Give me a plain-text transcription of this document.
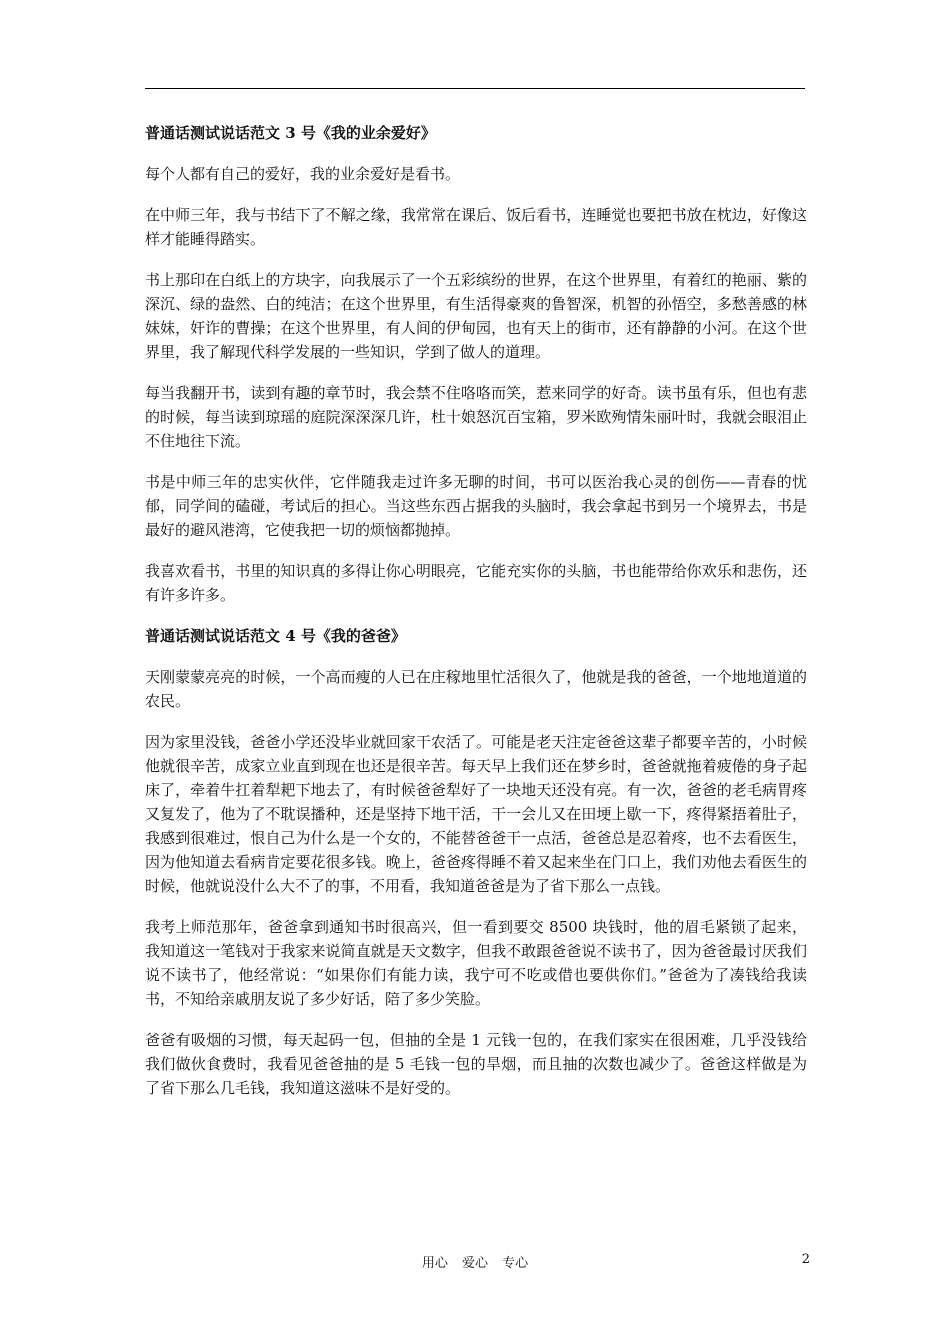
普通话测试说话范文 3 号《我的业余爱好》

每个人都有自己的爱好，我的业余爱好是看书。

在中师三年，我与书结下了不解之缘，我常常在课后、饭后看书，连睡觉也要把书放在枕边，好像这样才能睡得踏实。

书上那印在白纸上的方块字，向我展示了一个五彩缤纷的世界，在这个世界里，有着红的艳丽、紫的深沉、绿的盎然、白的纯洁；在这个世界里，有生活得豪爽的鲁智深，机智的孙悟空，多愁善感的林妹妹，奸诈的曹操；在这个世界里，有人间的伊甸园，也有天上的街市，还有静静的小河。在这个世界里，我了解现代科学发展的一些知识，学到了做人的道理。

每当我翻开书，读到有趣的章节时，我会禁不住咯咯而笑，惹来同学的好奇。读书虽有乐，但也有悲的时候，每当读到琼瑶的庭院深深深几许，杜十娘怒沉百宝箱，罗米欧殉情朱丽叶时，我就会眼泪止不住地往下流。

书是中师三年的忠实伙伴，它伴随我走过许多无聊的时间，书可以医治我心灵的创伤——青春的忧郁，同学间的磕碰，考试后的担心。当这些东西占据我的头脑时，我会拿起书到另一个境界去，书是最好的避风港湾，它使我把一切的烦恼都抛掉。

我喜欢看书，书里的知识真的多得让你心明眼亮，它能充实你的头脑，书也能带给你欢乐和悲伤，还有许多许多。

普通话测试说话范文 4 号《我的爸爸》

天刚蒙蒙亮亮的时候，一个高而瘦的人已在庄稼地里忙活很久了，他就是我的爸爸，一个地地道道的农民。

因为家里没钱，爸爸小学还没毕业就回家干农活了。可能是老天注定爸爸这辈子都要辛苦的，小时候他就很辛苦，成家立业直到现在也还是很辛苦。每天早上我们还在梦乡时，爸爸就拖着疲倦的身子起床了，牵着牛扛着犁耙下地去了，有时候爸爸犁好了一块地天还没有亮。有一次，爸爸的老毛病胃疼又复发了，他为了不耽误播种，还是坚持下地干活，干一会儿又在田埂上歇一下，疼得紧捂着肚子，我感到很难过，恨自己为什么是一个女的，不能替爸爸干一点活，爸爸总是忍着疼，也不去看医生，因为他知道去看病肯定要花很多钱。晚上，爸爸疼得睡不着又起来坐在门口上，我们劝他去看医生的时候，他就说没什么大不了的事，不用看，我知道爸爸是为了省下那么一点钱。

我考上师范那年，爸爸拿到通知书时很高兴，但一看到要交 8500 块钱时，他的眉毛紧锁了起来，我知道这一笔钱对于我家来说简直就是天文数字，但我不敢跟爸爸说不读书了，因为爸爸最讨厌我们说不读书了，他经常说：“如果你们有能力读，我宁可不吃或借也要供你们。”爸爸为了凑钱给我读书，不知给亲戚朋友说了多少好话，陪了多少笑脸。

爸爸有吸烟的习惯，每天起码一包，但抽的全是 1 元钱一包的，在我们家实在很困难，几乎没钱给我们做伙食费时，我看见爸爸抽的是 5 毛钱一包的旱烟，而且抽的次数也减少了。爸爸这样做是为了省下那么几毛钱，我知道这滋味不是好受的。

用心 爱心 专心	2
